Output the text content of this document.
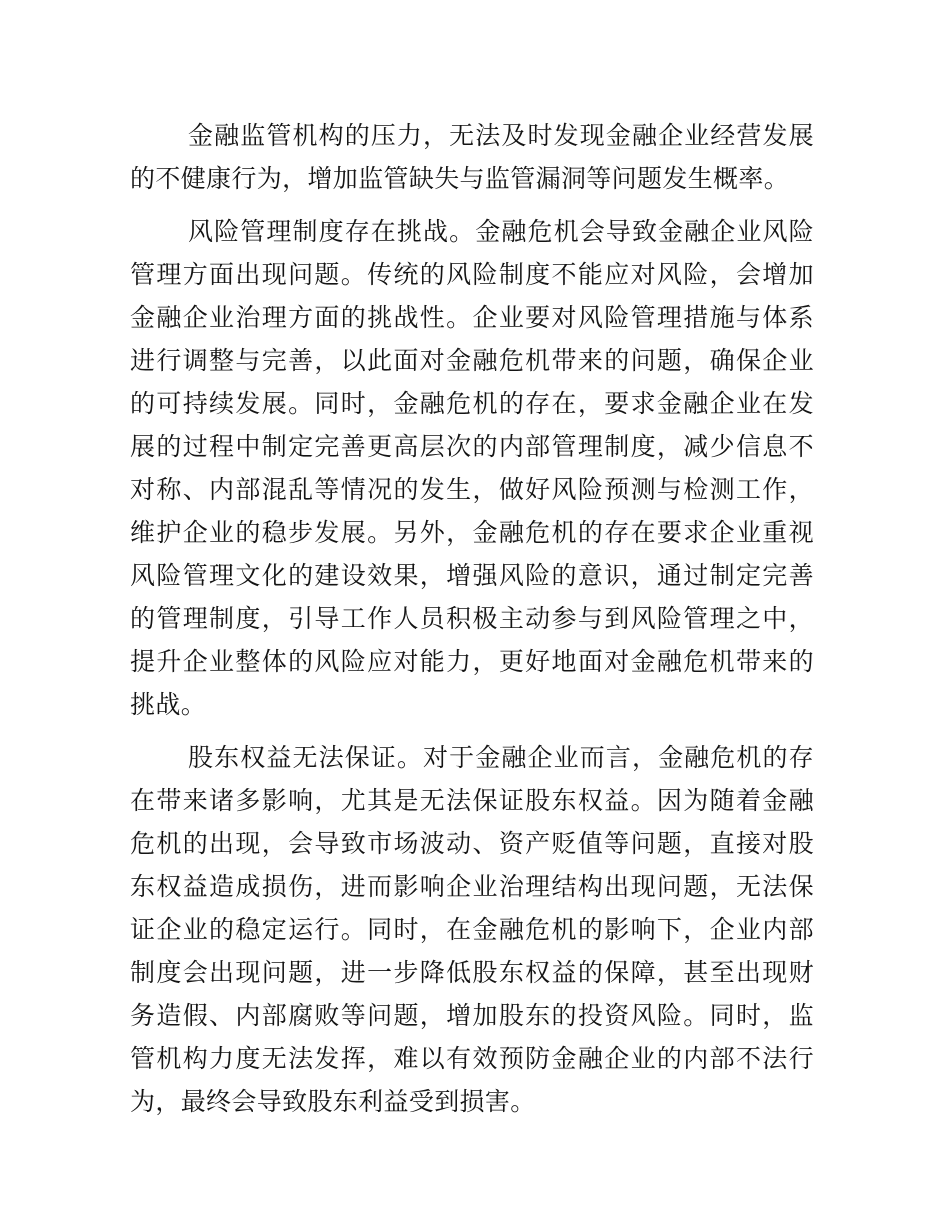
金融监管机构的压力，无法及时发现金融企业经营发展的不健康行为，增加监管缺失与监管漏洞等问题发生概率。

风险管理制度存在挑战。金融危机会导致金融企业风险管理方面出现问题。传统的风险制度不能应对风险，会增加金融企业治理方面的挑战性。企业要对风险管理措施与体系进行调整与完善，以此面对金融危机带来的问题，确保企业的可持续发展。同时，金融危机的存在，要求金融企业在发展的过程中制定完善更高层次的内部管理制度，减少信息不对称、内部混乱等情况的发生，做好风险预测与检测工作，维护企业的稳步发展。另外，金融危机的存在要求企业重视风险管理文化的建设效果，增强风险的意识，通过制定完善的管理制度，引导工作人员积极主动参与到风险管理之中，提升企业整体的风险应对能力，更好地面对金融危机带来的挑战。

股东权益无法保证。对于金融企业而言，金融危机的存在带来诸多影响，尤其是无法保证股东权益。因为随着金融危机的出现，会导致市场波动、资产贬值等问题，直接对股东权益造成损伤，进而影响企业治理结构出现问题，无法保证企业的稳定运行。同时，在金融危机的影响下，企业内部制度会出现问题，进一步降低股东权益的保障，甚至出现财务造假、内部腐败等问题，增加股东的投资风险。同时，监管机构力度无法发挥，难以有效预防金融企业的内部不法行为，最终会导致股东利益受到损害。
